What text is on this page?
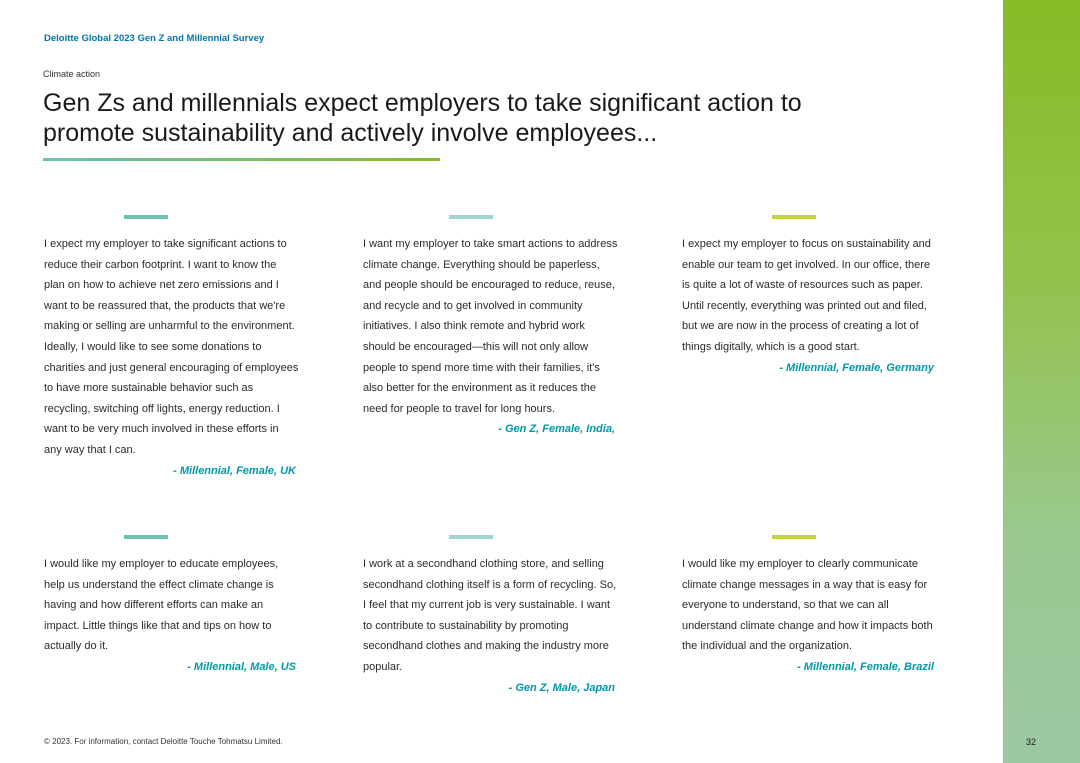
Deloitte Global 2023 Gen Z and Millennial Survey
Climate action
Gen Zs and millennials expect employers to take significant action to promote sustainability and actively involve employees...

I expect my employer to take significant actions to reduce their carbon footprint. I want to know the plan on how to achieve net zero emissions and I want to be reassured that, the products that we're making or selling are unharmful to the environment. Ideally, I would like to see some donations to charities and just general encouraging of employees to have more sustainable behavior such as recycling, switching off lights, energy reduction. I want to be very much involved in these efforts in any way that I can.
- Millennial, Female, UK

I want my employer to take smart actions to address climate change. Everything should be paperless, and people should be encouraged to reduce, reuse, and recycle and to get involved in community initiatives. I also think remote and hybrid work should be encouraged—this will not only allow people to spend more time with their families, it's also better for the environment as it reduces the need for people to travel for long hours.
- Gen Z, Female, India,

I expect my employer to focus on sustainability and enable our team to get involved. In our office, there is quite a lot of waste of resources such as paper. Until recently, everything was printed out and filed, but we are now in the process of creating a lot of things digitally, which is a good start.
- Millennial, Female, Germany

I would like my employer to educate employees, help us understand the effect climate change is having and how different efforts can make an impact. Little things like that and tips on how to actually do it.
- Millennial, Male, US

I work at a secondhand clothing store, and selling secondhand clothing itself is a form of recycling. So, I feel that my current job is very sustainable. I want to contribute to sustainability by promoting secondhand clothes and making the industry more popular.
- Gen Z, Male, Japan

I would like my employer to clearly communicate climate change messages in a way that is easy for everyone to understand, so that we can all understand climate change and how it impacts both the individual and the organization.
- Millennial, Female, Brazil

© 2023. For information, contact Deloitte Touche Tohmatsu Limited.	32
